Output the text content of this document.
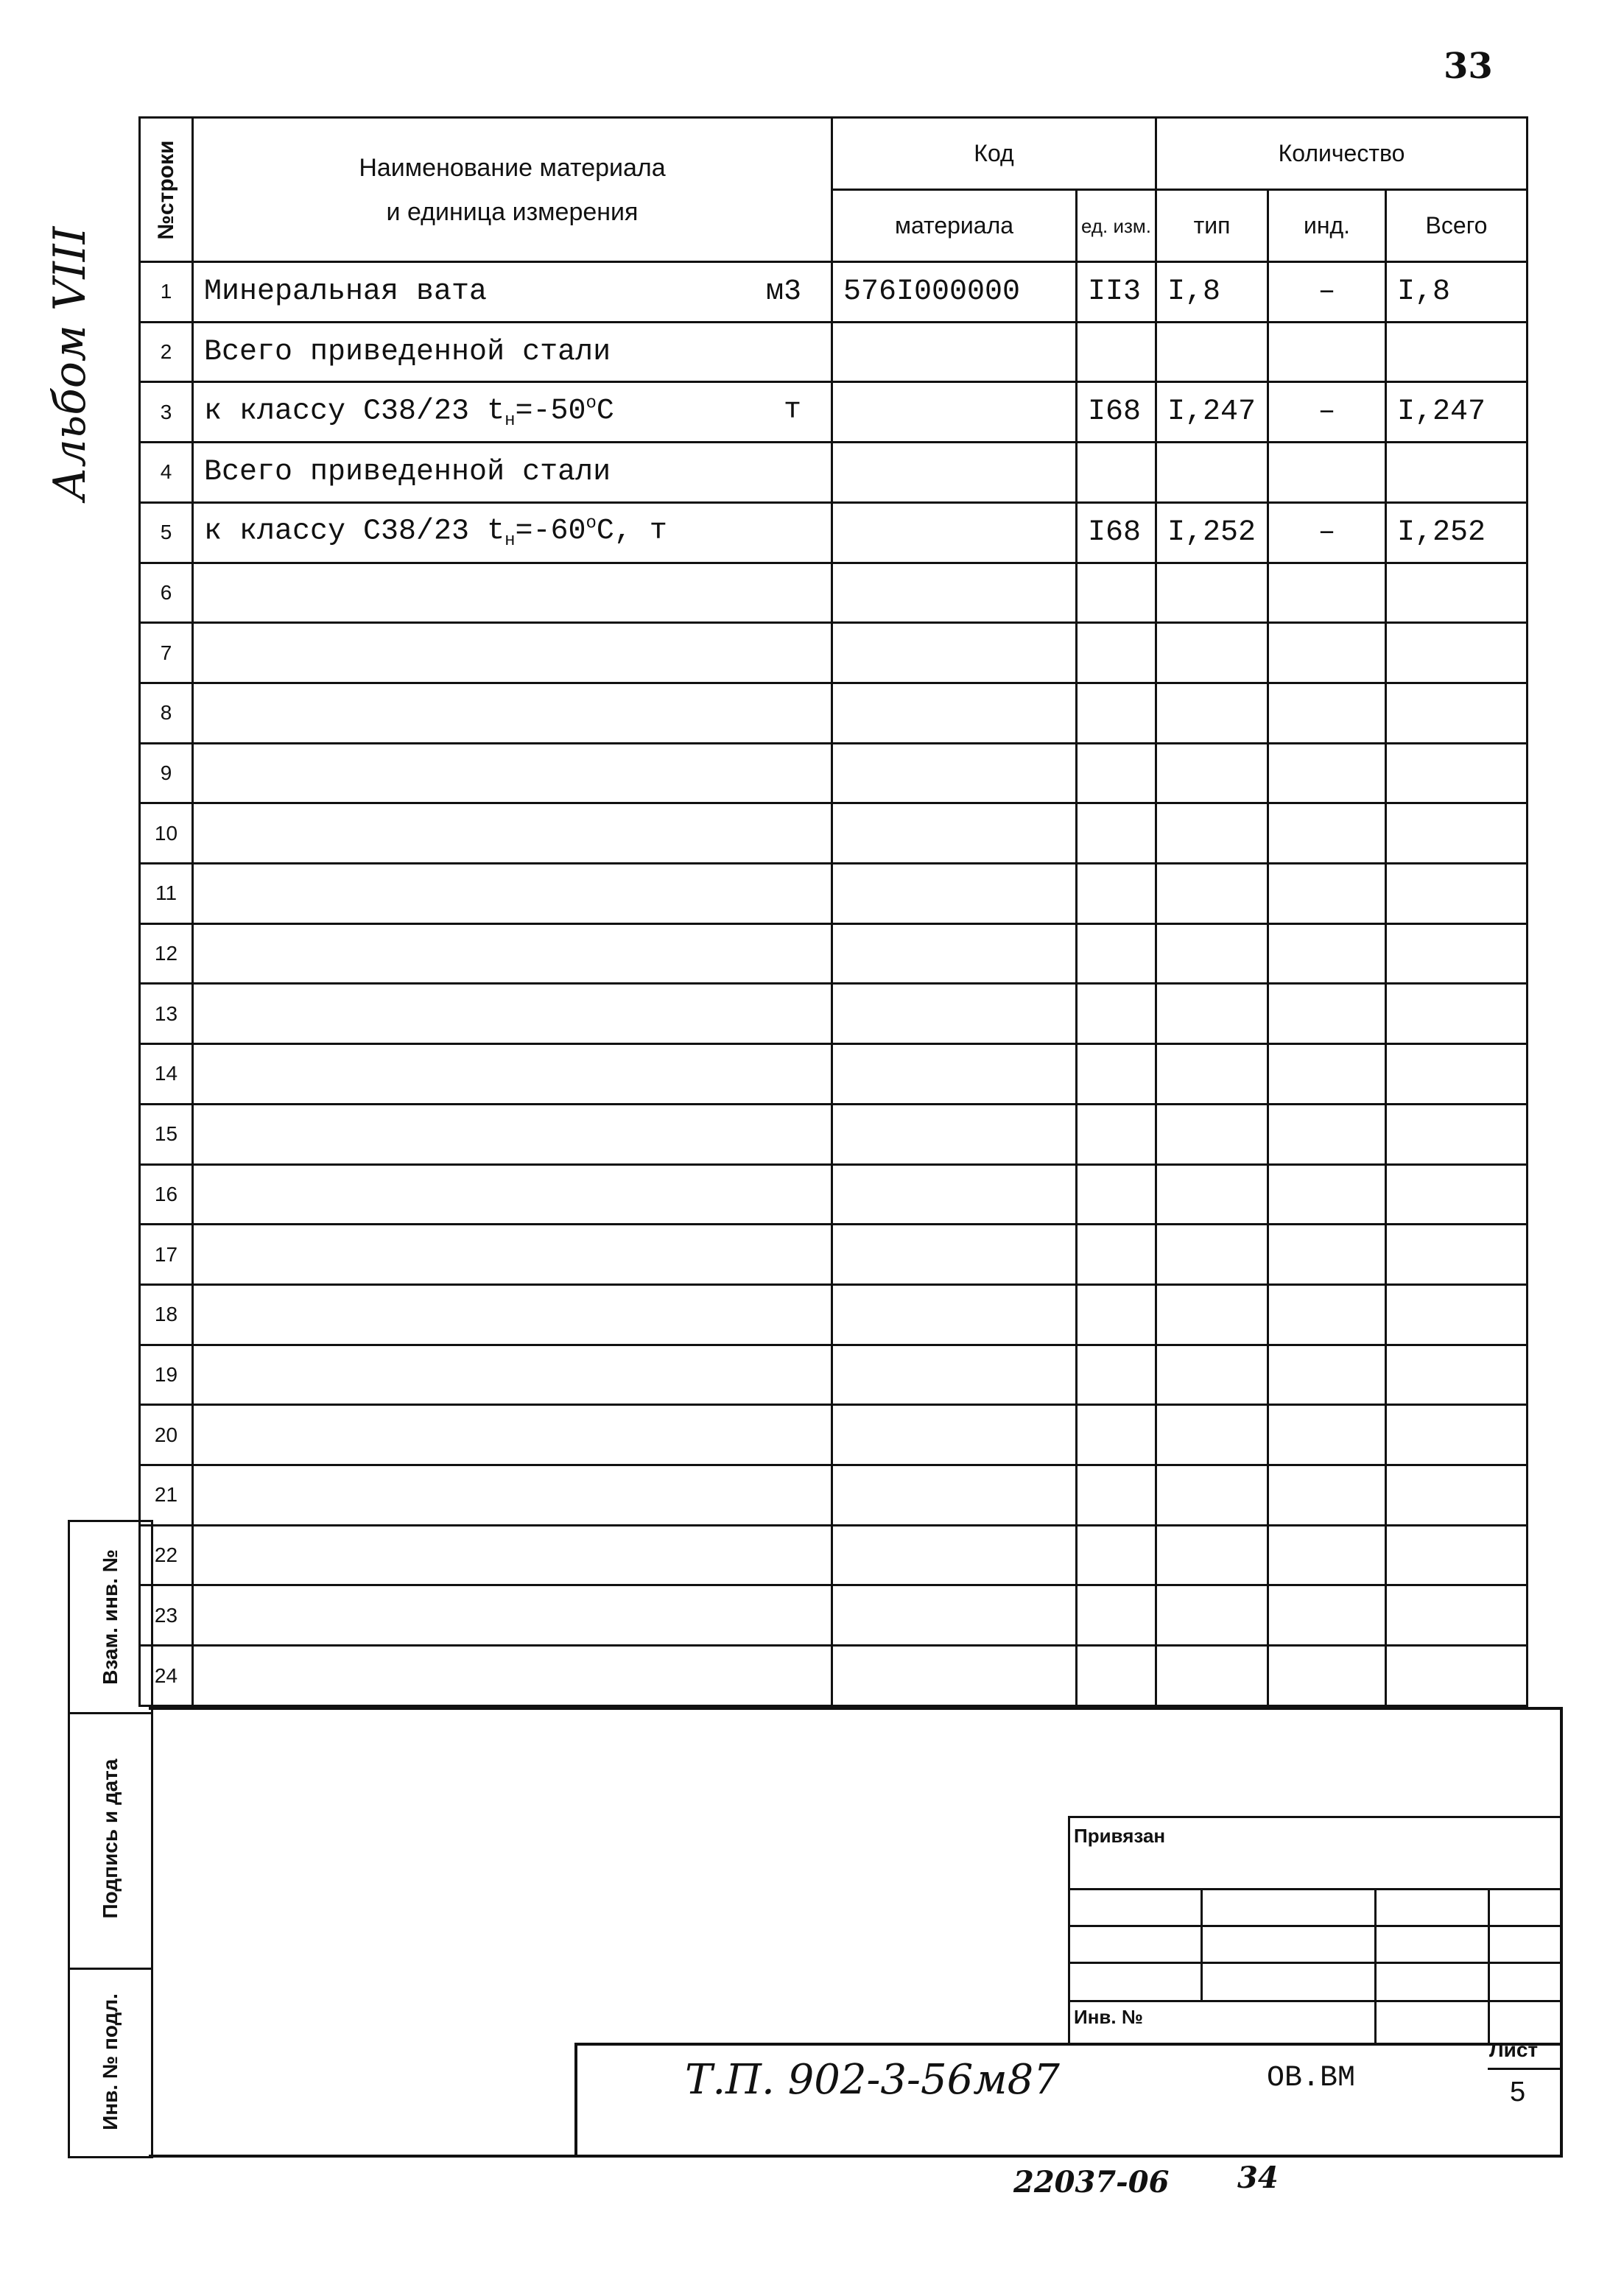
33
Альбом VIII
№строки	Наименование материала
и единица измерения	Код		Количество		
		материала	ед. изм.	тип	инд.	Всего
1	Минеральная вата м3	576I000000	II3	I,8	–	I,8
2	Всего приведенной стали					
3	к классу С38/23 $t_н=-50^oC$ т		I68	I,247	–	I,247
4	Всего приведенной стали					
5	к классу С38/23 $t_н=-60^oC$, т		I68	I,252	–	I,252
6						
7						
8						
9						
10						
11						
12						
13						
14						
15						
16						
17						
18						
19						
20						
21						
22						
23						
24						
Взам. инв. №
Подпись и дата
Инв. № подл.
Привязан
Инв. №
Т.П. 902-3-56м87	ОВ.ВМ
Лист
5
22037-06 34
